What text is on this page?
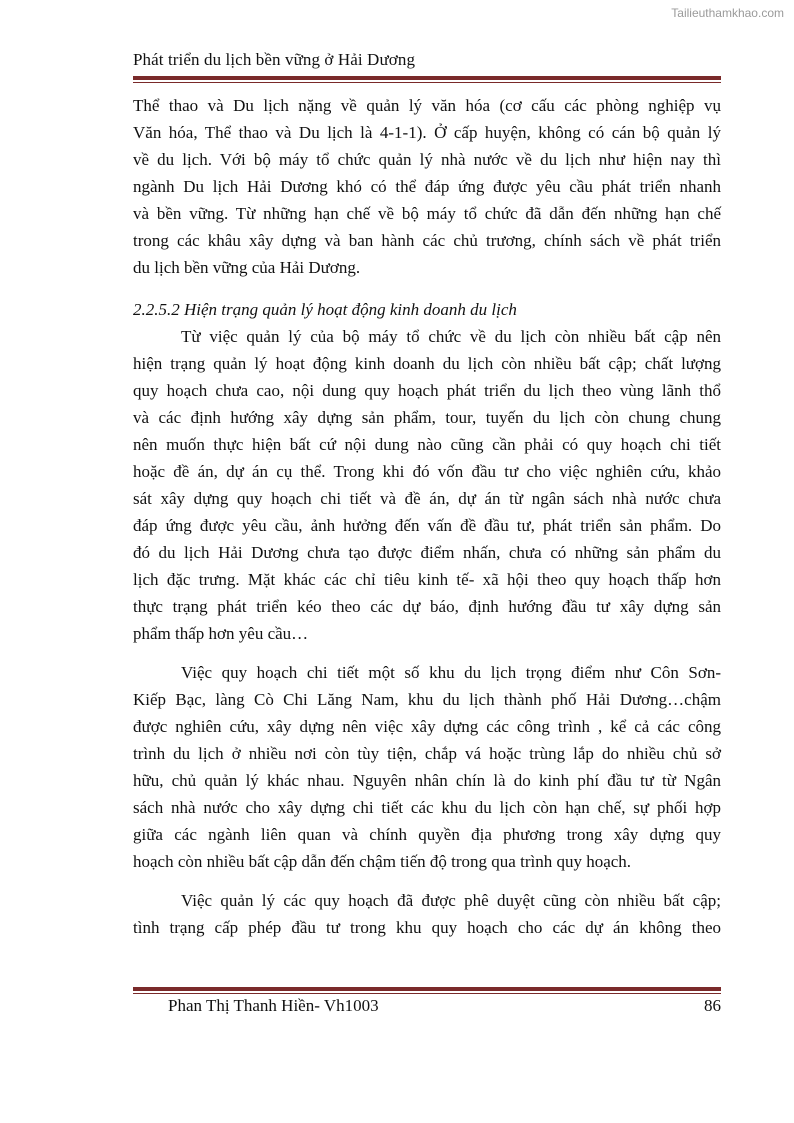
Tailieuthamkhao.com
Phát triển du lịch bền vững ở Hải Dương
Thể thao và Du lịch nặng về quản lý văn hóa (cơ cấu các phòng nghiệp vụ
Văn hóa, Thể thao và Du lịch là 4-1-1). Ở cấp huyện, không có cán bộ quản lý
về du lịch. Với bộ máy tổ chức quản lý nhà nước về du lịch như hiện nay thì
ngành Du lịch Hải Dương khó có thể đáp ứng được yêu cầu phát triển nhanh
và bền vững. Từ những hạn chế về bộ máy tổ chức đã dẫn đến những hạn chế
trong các khâu xây dựng và ban hành các chủ trương, chính sách về phát triển
du lịch bền vững của Hải Dương.
2.2.5.2 Hiện trạng quản lý hoạt động kinh doanh du lịch
Từ việc quản lý của bộ máy tổ chức về du lịch còn nhiều bất cập nên
hiện trạng quản lý hoạt động kinh doanh du lịch còn nhiều bất cập; chất lượng
quy hoạch chưa cao, nội dung quy hoạch phát triển du lịch theo vùng lãnh thổ
và các định hướng xây dựng sản phẩm, tour, tuyến du lịch còn chung chung
nên muốn thực hiện bất cứ nội dung nào cũng cần phải có quy hoạch chi tiết
hoặc đề án, dự án cụ thể. Trong khi đó vốn đầu tư cho việc nghiên cứu, khảo
sát xây dựng quy hoạch chi tiết và đề án, dự án từ ngân sách nhà nước chưa
đáp ứng được yêu cầu, ảnh hưởng đến vấn đề đầu tư, phát triển sản phẩm. Do
đó du lịch Hải Dương chưa tạo được điểm nhấn, chưa có những sản phẩm du
lịch đặc trưng. Mặt khác các chỉ tiêu kinh tế- xã hội theo quy hoạch thấp hơn
thực trạng phát triển kéo theo các dự báo, định hướng đầu tư xây dựng sản
phẩm thấp hơn yêu cầu…
Việc quy hoạch chi tiết một số khu du lịch trọng điểm như Côn Sơn-
Kiếp Bạc, làng Cò Chi Lăng Nam, khu du lịch thành phố Hải Dương…chậm
được nghiên cứu, xây dựng nên việc xây dựng các công trình , kể cả các công
trình du lịch ở nhiều nơi còn tùy tiện, chắp vá hoặc trùng lắp do nhiều chủ sở
hữu, chủ quản lý khác nhau. Nguyên nhân chín là do kinh phí đầu tư từ Ngân
sách nhà nước cho xây dựng chi tiết các khu du lịch còn hạn chế, sự phối hợp
giữa các ngành liên quan và chính quyền địa phương trong xây dựng quy
hoạch còn nhiều bất cập dẫn đến chậm tiến độ trong qua trình quy hoạch.
Việc quản lý các quy hoạch đã được phê duyệt cũng còn nhiều bất cập;
tình trạng cấp phép đầu tư trong khu quy hoạch cho các dự án không theo
Phan Thị Thanh Hiền- Vh1003	86
